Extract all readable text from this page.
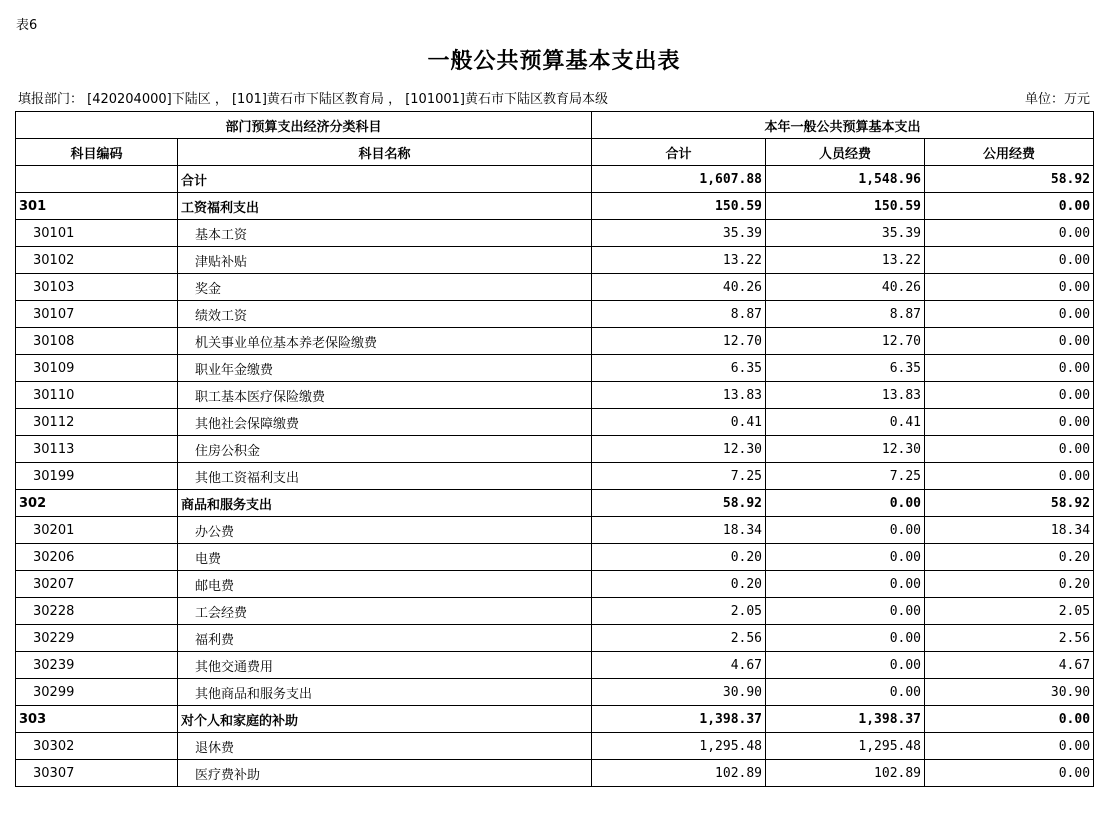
表6
一般公共预算基本支出表
填报部门： [420204000]下陆区 ， [101]黄石市下陆区教育局 ， [101001]黄石市下陆区教育局本级	单位：万元
部门预算支出经济分类科目		本年一般公共预算基本支出		
科目编码	科目名称	合计	人员经费	公用经费
	合计	1,607.88	1,548.96	58.92
301	工资福利支出	150.59	150.59	0.00
30101	基本工资	35.39	35.39	0.00
30102	津贴补贴	13.22	13.22	0.00
30103	奖金	40.26	40.26	0.00
30107	绩效工资	8.87	8.87	0.00
30108	机关事业单位基本养老保险缴费	12.70	12.70	0.00
30109	职业年金缴费	6.35	6.35	0.00
30110	职工基本医疗保险缴费	13.83	13.83	0.00
30112	其他社会保障缴费	0.41	0.41	0.00
30113	住房公积金	12.30	12.30	0.00
30199	其他工资福利支出	7.25	7.25	0.00
302	商品和服务支出	58.92	0.00	58.92
30201	办公费	18.34	0.00	18.34
30206	电费	0.20	0.00	0.20
30207	邮电费	0.20	0.00	0.20
30228	工会经费	2.05	0.00	2.05
30229	福利费	2.56	0.00	2.56
30239	其他交通费用	4.67	0.00	4.67
30299	其他商品和服务支出	30.90	0.00	30.90
303	对个人和家庭的补助	1,398.37	1,398.37	0.00
30302	退休费	1,295.48	1,295.48	0.00
30307	医疗费补助	102.89	102.89	0.00
